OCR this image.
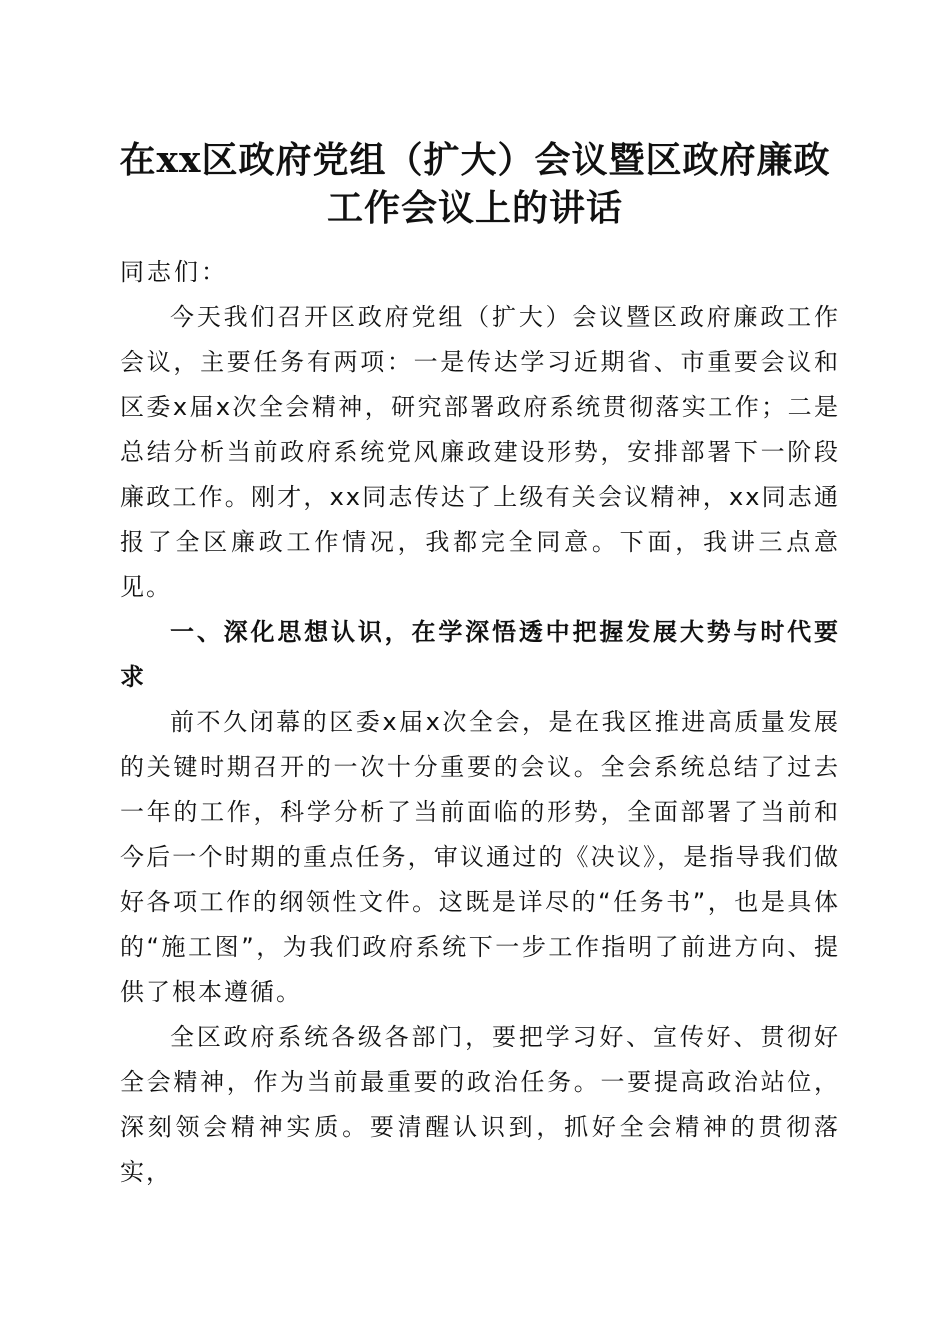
在xx区政府党组（扩大）会议暨区政府廉政
工作会议上的讲话

同志们：

今天我们召开区政府党组（扩大）会议暨区政府廉政工作会议，主要任务有两项：一是传达学习近期省、市重要会议和区委x届x次全会精神，研究部署政府系统贯彻落实工作；二是总结分析当前政府系统党风廉政建设形势，安排部署下一阶段廉政工作。刚才，xx同志传达了上级有关会议精神，xx同志通报了全区廉政工作情况，我都完全同意。下面，我讲三点意见。

一、深化思想认识，在学深悟透中把握发展大势与时代要求

前不久闭幕的区委x届x次全会，是在我区推进高质量发展的关键时期召开的一次十分重要的会议。全会系统总结了过去一年的工作，科学分析了当前面临的形势，全面部署了当前和今后一个时期的重点任务，审议通过的《决议》，是指导我们做好各项工作的纲领性文件。这既是详尽的“任务书”，也是具体的“施工图”，为我们政府系统下一步工作指明了前进方向、提供了根本遵循。

全区政府系统各级各部门，要把学习好、宣传好、贯彻好全会精神，作为当前最重要的政治任务。一要提高政治站位，深刻领会精神实质。要清醒认识到，抓好全会精神的贯彻落实，
